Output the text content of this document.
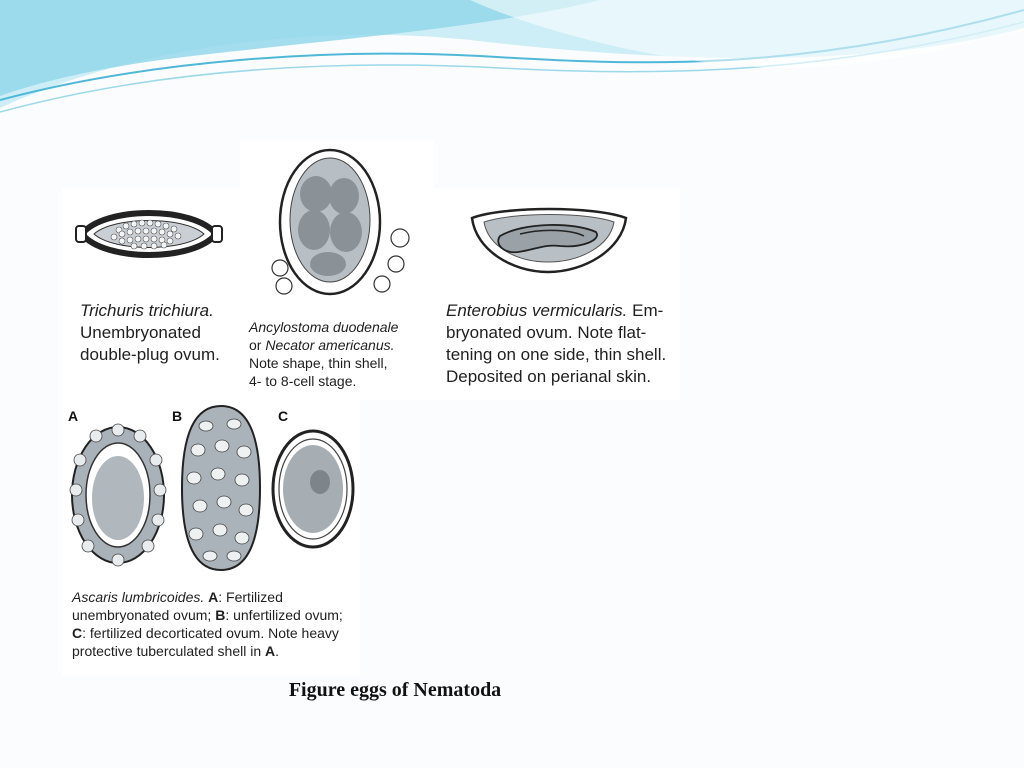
Trichuris trichiura.
Unembryonated
double-plug ovum.
Ancylostoma duodenale
or Necator americanus.
Note shape, thin shell,
4- to 8-cell stage.
Enterobius vermicularis. Em-
bryonated ovum. Note flat-
tening on one side, thin shell.
Deposited on perianal skin.
A	B	C
Ascaris lumbricoides. A: Fertilized
unembryonated ovum; B: unfertilized ovum;
C: fertilized decorticated ovum. Note heavy
protective tuberculated shell in A.
Figure eggs of Nematoda
